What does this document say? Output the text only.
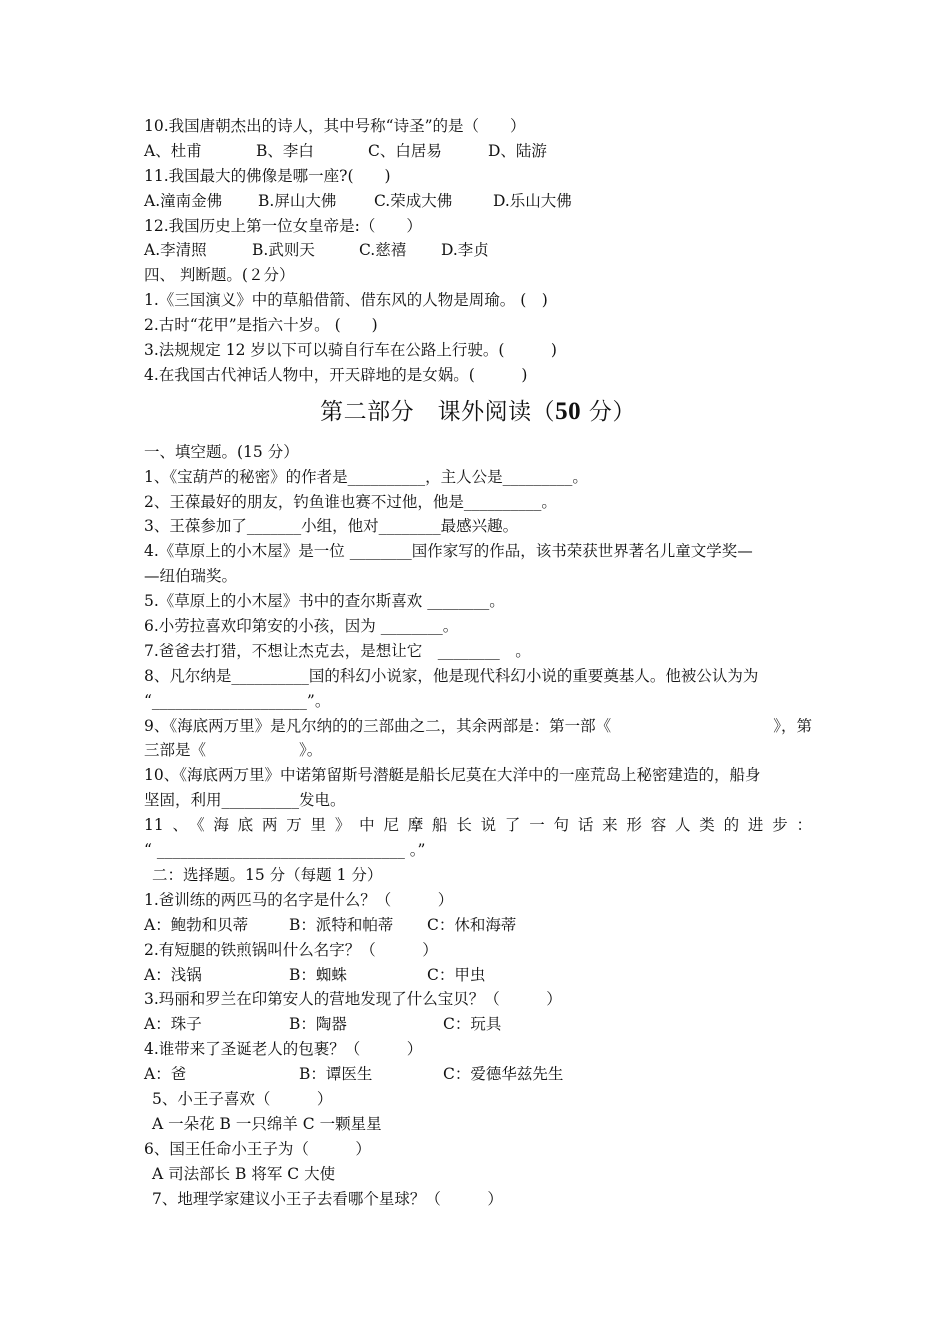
10.我国唐朝杰出的诗人，其中号称“诗圣”的是（　　）
A、杜甫	B、李白	C、白居易	D、陆游
11.我国最大的佛像是哪一座?(　　)
A.潼南金佛	B.屏山大佛	C.荣成大佛	D.乐山大佛
12.我国历史上第一位女皇帝是:（　　）
A.李清照	B.武则天	C.慈禧	D.李贞
四、 判断题。(２分）
1.《三国演义》中的草船借箭、借东风的人物是周瑜。 (　)
2.古时“花甲”是指六十岁。 (　　)
3.法规规定 12 岁以下可以骑自行车在公路上行驶。(　　　)
4.在我国古代神话人物中，开天辟地的是女娲。(　　　)
第二部分　课外阅读（50 分）
一、填空题。(15 分）
1、《宝葫芦的秘密》的作者是__________，主人公是_________。
2、王葆最好的朋友，钓鱼谁也赛不过他，他是__________。
3、王葆参加了_______小组，他对________最感兴趣。
4.《草原上的小木屋》是一位 ________国作家写的作品，该书荣获世界著名儿童文学奖—
—纽伯瑞奖。
5.《草原上的小木屋》书中的查尔斯喜欢 ________。
6.小劳拉喜欢印第安的小孩，因为 ________。
7.爸爸去打猎，不想让杰克去，是想让它　________　。
8、凡尔纳是__________国的科幻小说家，他是现代科幻小说的重要奠基人。他被公认为为
“____________________”。
9、《海底两万里》是凡尔纳的的三部曲之二，其余两部是：第一部《	》，第
三部是《　　　　　　》。
10、《海底两万里》中诺第留斯号潜艇是船长尼莫在大洋中的一座荒岛上秘密建造的，船身
坚固，利用__________发电。
11、《海底两万里》中尼摩船长说了一句话来形容人类的进步：
“ ________________________________ 。”
二：选择题。15 分（每题 1 分）
1.爸训练的两匹马的名字是什么？（　　　）
A：鲍勃和贝蒂	B：派特和帕蒂	C：休和海蒂
2.有短腿的铁煎锅叫什么名字？（　　　）
A：浅锅	B：蜘蛛	C：甲虫
3.玛丽和罗兰在印第安人的营地发现了什么宝贝？（　　　）
A：珠子	B：陶器	C：玩具
4.谁带来了圣诞老人的包裹？（　　　）
A：爸	B：谭医生	C：爱德华兹先生
5、小王子喜欢（　　　）
A 一朵花 B 一只绵羊 C 一颗星星
6、国王任命小王子为（　　　）
A 司法部长 B 将军 C 大使
7、地理学家建议小王子去看哪个星球？（　　　）
